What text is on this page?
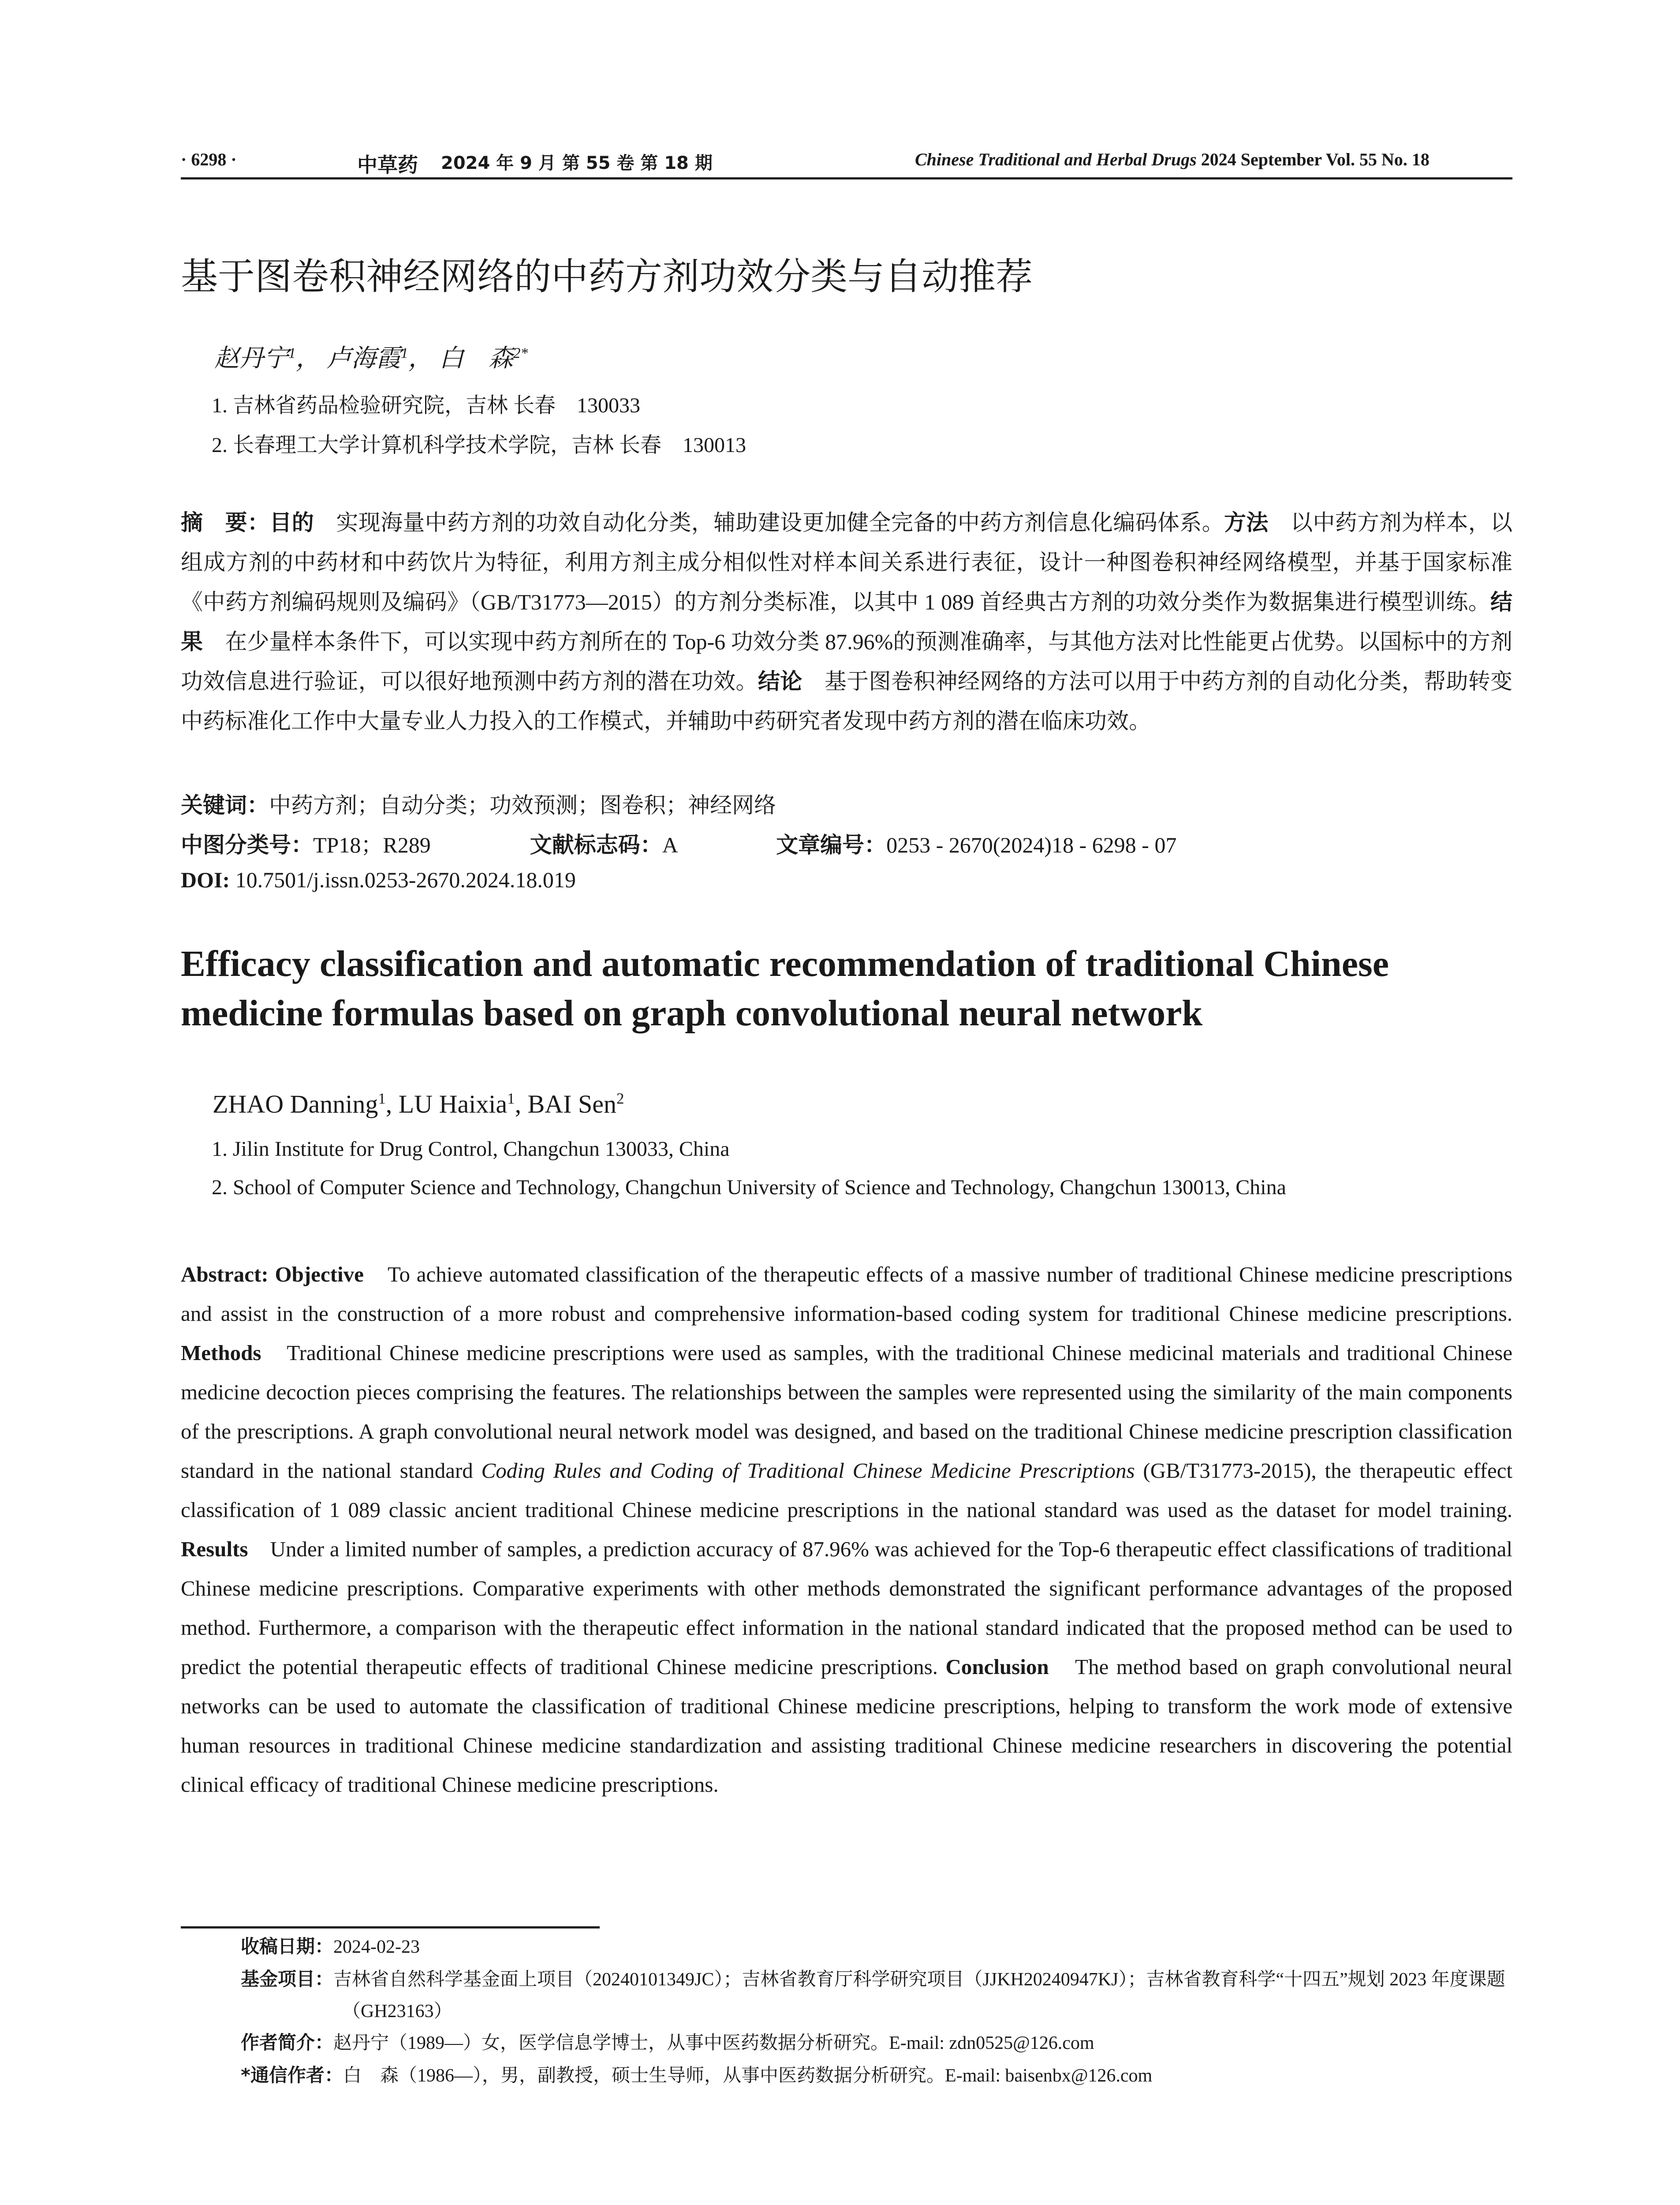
· 6298 ·	中草药 2024 年 9 月 第 55 卷 第 18 期	Chinese Traditional and Herbal Drugs 2024 September Vol. 55 No. 18
基于图卷积神经网络的中药方剂功效分类与自动推荐
赵丹宁$^1$， 卢海霞$^1$， 白　森$^{2*}$
1. 吉林省药品检验研究院，吉林 长春　130033
2. 长春理工大学计算机科学技术学院，吉林 长春　130013
摘　要：目的　实现海量中药方剂的功效自动化分类，辅助建设更加健全完备的中药方剂信息化编码体系。方法　以中药方剂为样本，以组成方剂的中药材和中药饮片为特征，利用方剂主成分相似性对样本间关系进行表征，设计一种图卷积神经网络模型，并基于国家标准《中药方剂编码规则及编码》（GB/T31773—2015）的方剂分类标准，以其中 1 089 首经典古方剂的功效分类作为数据集进行模型训练。结果　在少量样本条件下，可以实现中药方剂所在的 Top-6 功效分类 87.96%的预测准确率，与其他方法对比性能更占优势。以国标中的方剂功效信息进行验证，可以很好地预测中药方剂的潜在功效。结论　基于图卷积神经网络的方法可以用于中药方剂的自动化分类，帮助转变中药标准化工作中大量专业人力投入的工作模式，并辅助中药研究者发现中药方剂的潜在临床功效。
关键词：中药方剂；自动分类；功效预测；图卷积；神经网络
中图分类号：TP18；R289	文献标志码：A	文章编号：0253 - 2670(2024)18 - 6298 - 07
DOI: 10.7501/j.issn.0253-2670.2024.18.019
Efficacy classification and automatic recommendation of traditional Chinese medicine formulas based on graph convolutional neural network
ZHAO Danning$^1$, LU Haixia$^1$, BAI Sen$^2$
1. Jilin Institute for Drug Control, Changchun 130033, China
2. School of Computer Science and Technology, Changchun University of Science and Technology, Changchun 130013, China
Abstract: Objective　To achieve automated classification of the therapeutic effects of a massive number of traditional Chinese medicine prescriptions and assist in the construction of a more robust and comprehensive information-based coding system for traditional Chinese medicine prescriptions. Methods　Traditional Chinese medicine prescriptions were used as samples, with the traditional Chinese medicinal materials and traditional Chinese medicine decoction pieces comprising the features. The relationships between the samples were represented using the similarity of the main components of the prescriptions. A graph convolutional neural network model was designed, and based on the traditional Chinese medicine prescription classification standard in the national standard Coding Rules and Coding of Traditional Chinese Medicine Prescriptions (GB/T31773-2015), the therapeutic effect classification of 1 089 classic ancient traditional Chinese medicine prescriptions in the national standard was used as the dataset for model training. Results　Under a limited number of samples, a prediction accuracy of 87.96% was achieved for the Top-6 therapeutic effect classifications of traditional Chinese medicine prescriptions. Comparative experiments with other methods demonstrated the significant performance advantages of the proposed method. Furthermore, a comparison with the therapeutic effect information in the national standard indicated that the proposed method can be used to predict the potential therapeutic effects of traditional Chinese medicine prescriptions. Conclusion　The method based on graph convolutional neural networks can be used to automate the classification of traditional Chinese medicine prescriptions, helping to transform the work mode of extensive human resources in traditional Chinese medicine standardization and assisting traditional Chinese medicine researchers in discovering the potential clinical efficacy of traditional Chinese medicine prescriptions.
收稿日期：2024-02-23
基金项目：吉林省自然科学基金面上项目（20240101349JC）；吉林省教育厅科学研究项目（JJKH20240947KJ）；吉林省教育科学“十四五”规划 2023 年度课题（GH23163）
作者简介：赵丹宁（1989—）女，医学信息学博士，从事中医药数据分析研究。E-mail: zdn0525@126.com
*通信作者：白　森（1986—），男，副教授，硕士生导师，从事中医药数据分析研究。E-mail: baisenbx@126.com
